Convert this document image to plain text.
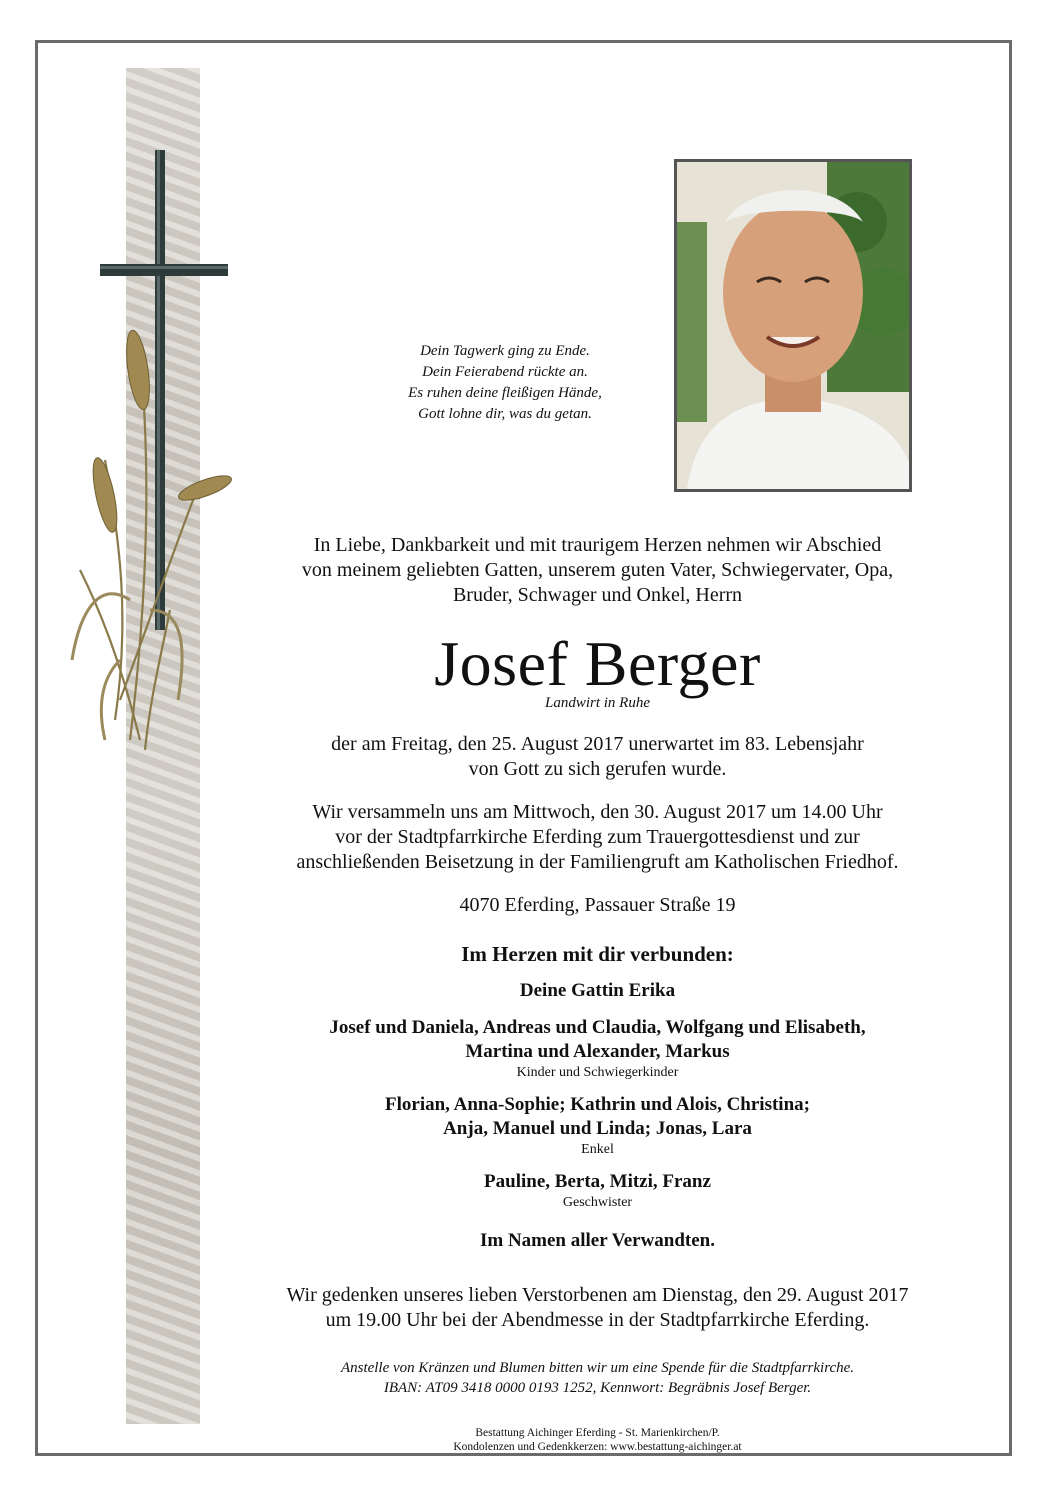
Dein Tagwerk ging zu Ende.
Dein Feierabend rückte an.
Es ruhen deine fleißigen Hände,
Gott lohne dir, was du getan.
In Liebe, Dankbarkeit und mit traurigem Herzen nehmen wir Abschied
von meinem geliebten Gatten, unserem guten Vater, Schwiegervater, Opa,
Bruder, Schwager und Onkel, Herrn
Josef Berger
Landwirt in Ruhe
der am Freitag, den 25. August 2017 unerwartet im 83. Lebensjahr
von Gott zu sich gerufen wurde.
Wir versammeln uns am Mittwoch, den 30. August 2017 um 14.00 Uhr
vor der Stadtpfarrkirche Eferding zum Trauergottesdienst und zur
anschließenden Beisetzung in der Familiengruft am Katholischen Friedhof.
4070 Eferding, Passauer Straße 19
Im Herzen mit dir verbunden:
Deine Gattin Erika
Josef und Daniela, Andreas und Claudia, Wolfgang und Elisabeth,
Martina und Alexander, Markus
Kinder und Schwiegerkinder
Florian, Anna-Sophie; Kathrin und Alois, Christina;
Anja, Manuel und Linda; Jonas, Lara
Enkel
Pauline, Berta, Mitzi, Franz
Geschwister
Im Namen aller Verwandten.
Wir gedenken unseres lieben Verstorbenen am Dienstag, den 29. August 2017
um 19.00 Uhr bei der Abendmesse in der Stadtpfarrkirche Eferding.
Anstelle von Kränzen und Blumen bitten wir um eine Spende für die Stadtpfarrkirche.
IBAN: AT09 3418 0000 0193 1252, Kennwort: Begräbnis Josef Berger.
Bestattung Aichinger Eferding - St. Marienkirchen/P.
Kondolenzen und Gedenkkerzen: www.bestattung-aichinger.at
